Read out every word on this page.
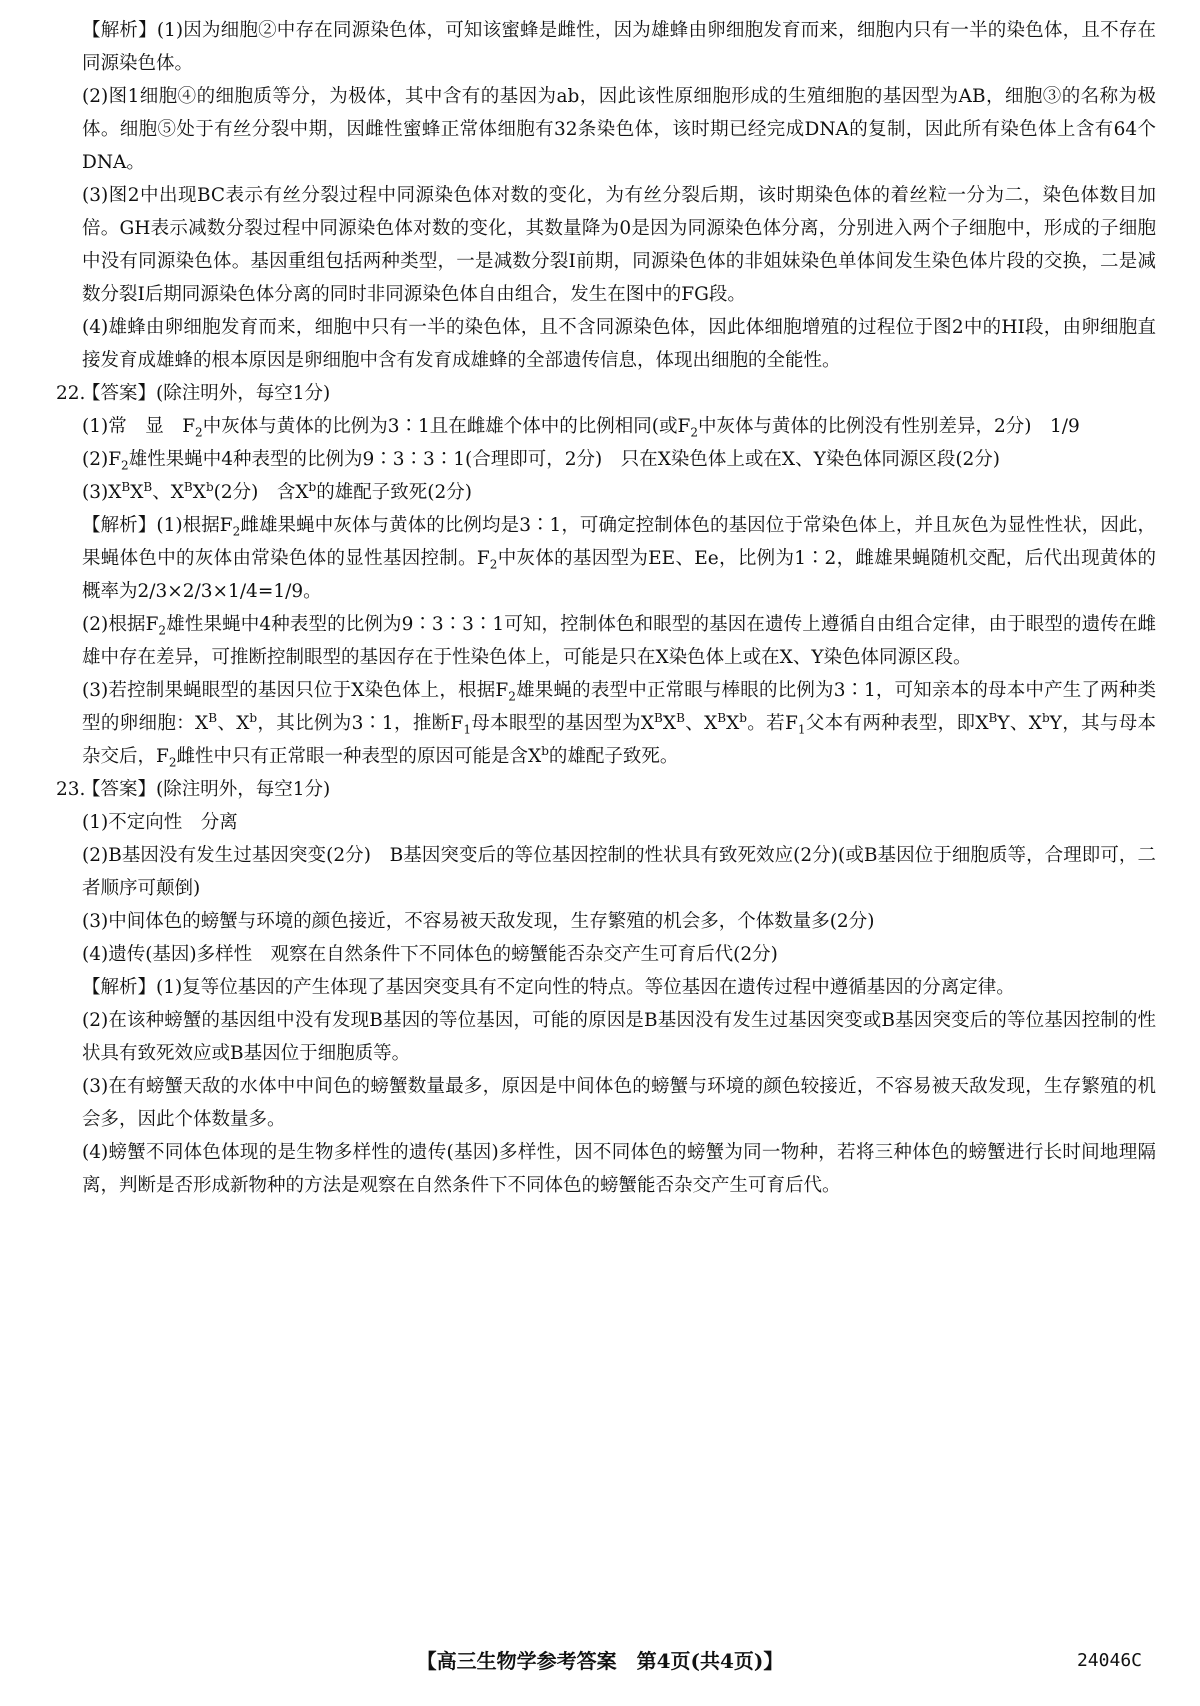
【解析】(1)因为细胞②中存在同源染色体，可知该蜜蜂是雌性，因为雄蜂由卵细胞发育而来，细胞内只有一半的染色体，且不存在同源染色体。

(2)图1细胞④的细胞质等分，为极体，其中含有的基因为ab，因此该性原细胞形成的生殖细胞的基因型为AB，细胞③的名称为极体。细胞⑤处于有丝分裂中期，因雌性蜜蜂正常体细胞有32条染色体，该时期已经完成DNA的复制，因此所有染色体上含有64个DNA。

(3)图2中出现BC表示有丝分裂过程中同源染色体对数的变化，为有丝分裂后期，该时期染色体的着丝粒一分为二，染色体数目加倍。GH表示减数分裂过程中同源染色体对数的变化，其数量降为0是因为同源染色体分离，分别进入两个子细胞中，形成的子细胞中没有同源染色体。基因重组包括两种类型，一是减数分裂Ⅰ前期，同源染色体的非姐妹染色单体间发生染色体片段的交换，二是减数分裂Ⅰ后期同源染色体分离的同时非同源染色体自由组合，发生在图中的FG段。

(4)雄蜂由卵细胞发育而来，细胞中只有一半的染色体，且不含同源染色体，因此体细胞增殖的过程位于图2中的HI段，由卵细胞直接发育成雄蜂的根本原因是卵细胞中含有发育成雄蜂的全部遗传信息，体现出细胞的全能性。

22.【答案】(除注明外，每空1分)

(1)常　显　$F_2$中灰体与黄体的比例为3∶1且在雌雄个体中的比例相同(或$F_2$中灰体与黄体的比例没有性别差异，2分)　1/9

$(2)F_2$雄性果蝇中4种表型的比例为9∶3∶3∶1(合理即可，2分)　只在X染色体上或在X、Y染色体同源区段(2分)

$(3)X^BX^B$、$X^BX^b(2$分)　含$X^b$的雄配子致死(2分)

【解析】(1)根据$F_2$雌雄果蝇中灰体与黄体的比例均是3∶1，可确定控制体色的基因位于常染色体上，并且灰色为显性性状，因此，果蝇体色中的灰体由常染色体的显性基因控制。$F_2$中灰体的基因型为EE、Ee，比例为1∶2，雌雄果蝇随机交配，后代出现黄体的概率为2/3×2/3×1/4=1/9。

(2)根据$F_2$雄性果蝇中4种表型的比例为9∶3∶3∶1可知，控制体色和眼型的基因在遗传上遵循自由组合定律，由于眼型的遗传在雌雄中存在差异，可推断控制眼型的基因存在于性染色体上，可能是只在X染色体上或在X、Y染色体同源区段。

(3)若控制果蝇眼型的基因只位于X染色体上，根据$F_2$雄果蝇的表型中正常眼与棒眼的比例为3∶1，可知亲本的母本中产生了两种类型的卵细胞：$X^B$、$X^b$，其比例为3∶1，推断$F_1$母本眼型的基因型为$X^BX^B$、$X^BX^b$。若$F_1$父本有两种表型，即$X^BY$、$X^bY$，其与母本杂交后，$F_2$雌性中只有正常眼一种表型的原因可能是含$X^b$的雄配子致死。

23.【答案】(除注明外，每空1分)

(1)不定向性　分离

(2)B基因没有发生过基因突变(2分)　B基因突变后的等位基因控制的性状具有致死效应(2分)(或B基因位于细胞质等，合理即可，二者顺序可颠倒)

(3)中间体色的螃蟹与环境的颜色接近，不容易被天敌发现，生存繁殖的机会多，个体数量多(2分)

(4)遗传(基因)多样性　观察在自然条件下不同体色的螃蟹能否杂交产生可育后代(2分)

【解析】(1)复等位基因的产生体现了基因突变具有不定向性的特点。等位基因在遗传过程中遵循基因的分离定律。

(2)在该种螃蟹的基因组中没有发现B基因的等位基因，可能的原因是B基因没有发生过基因突变或B基因突变后的等位基因控制的性状具有致死效应或B基因位于细胞质等。

(3)在有螃蟹天敌的水体中中间色的螃蟹数量最多，原因是中间体色的螃蟹与环境的颜色较接近，不容易被天敌发现，生存繁殖的机会多，因此个体数量多。

(4)螃蟹不同体色体现的是生物多样性的遗传(基因)多样性，因不同体色的螃蟹为同一物种，若将三种体色的螃蟹进行长时间地理隔离，判断是否形成新物种的方法是观察在自然条件下不同体色的螃蟹能否杂交产生可育后代。

【高三生物学参考答案　第4页(共4页)】	24046C
